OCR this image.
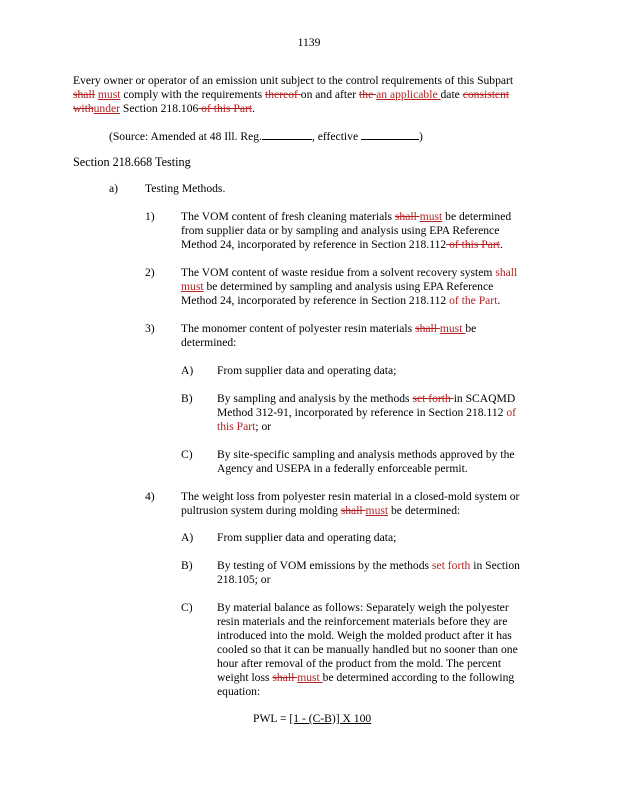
1139
Every owner or operator of an emission unit subject to the control requirements of this Subpart
shall must comply with the requirements thereof on and after the an applicable date consistent
withunder Section 218.106 of this Part.
(Source: Amended at 48 Ill. Reg.	, effective	)
Section 218.668 Testing
a) Testing Methods.
1) The VOM content of fresh cleaning materials shall must be determined
from supplier data or by sampling and analysis using EPA Reference
Method 24, incorporated by reference in Section 218.112 of this Part.
2) The VOM content of waste residue from a solvent recovery system shall
must be determined by sampling and analysis using EPA Reference
Method 24, incorporated by reference in Section 218.112 of the Part.
3) The monomer content of polyester resin materials shall must be
determined:
A) From supplier data and operating data;
B) By sampling and analysis by the methods set forth in SCAQMD
Method 312-91, incorporated by reference in Section 218.112 of
this Part; or
C) By site-specific sampling and analysis methods approved by the
Agency and USEPA in a federally enforceable permit.
4) The weight loss from polyester resin material in a closed-mold system or
pultrusion system during molding shall must be determined:
A) From supplier data and operating data;
B) By testing of VOM emissions by the methods set forth in Section
218.105; or
C) By material balance as follows: Separately weigh the polyester
resin materials and the reinforcement materials before they are
introduced into the mold. Weigh the molded product after it has
cooled so that it can be manually handled but no sooner than one
hour after removal of the product from the mold. The percent
weight loss shall must be determined according to the following
equation:
PWL = [1 - (C-B)] X 100
